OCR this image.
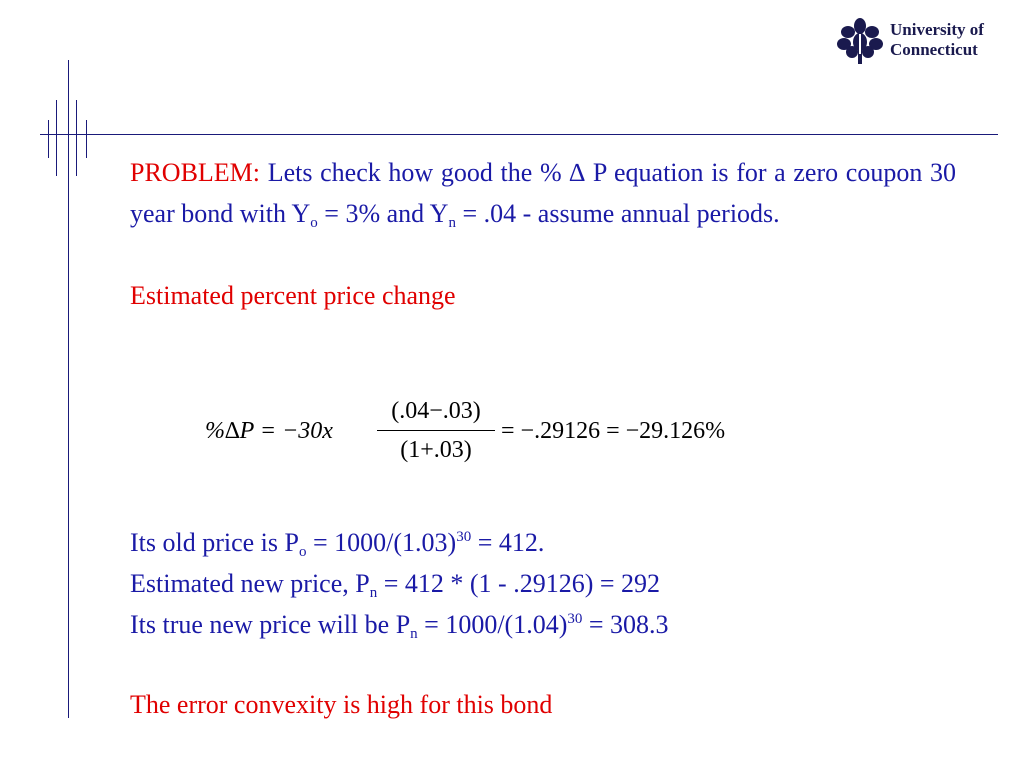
University of
Connecticut
PROBLEM: Lets check how good the % ∆ P equation is for a zero coupon 30 year bond with $Y_o = 3\%$ and $Y_n = .04$ - assume annual periods.
Estimated percent price change
%∆P = −30x
(.04−.03)
(1+.03)
= −.29126 = −29.126%
Its old price is $P_o = 1000/(1.03)^{30} = 412$.
Estimated new price, $P_n = 412 * (1 - .29126) = 292$
Its true new price will be $P_n = 1000/(1.04)^{30} = 308.3$
The error convexity is high for this bond
